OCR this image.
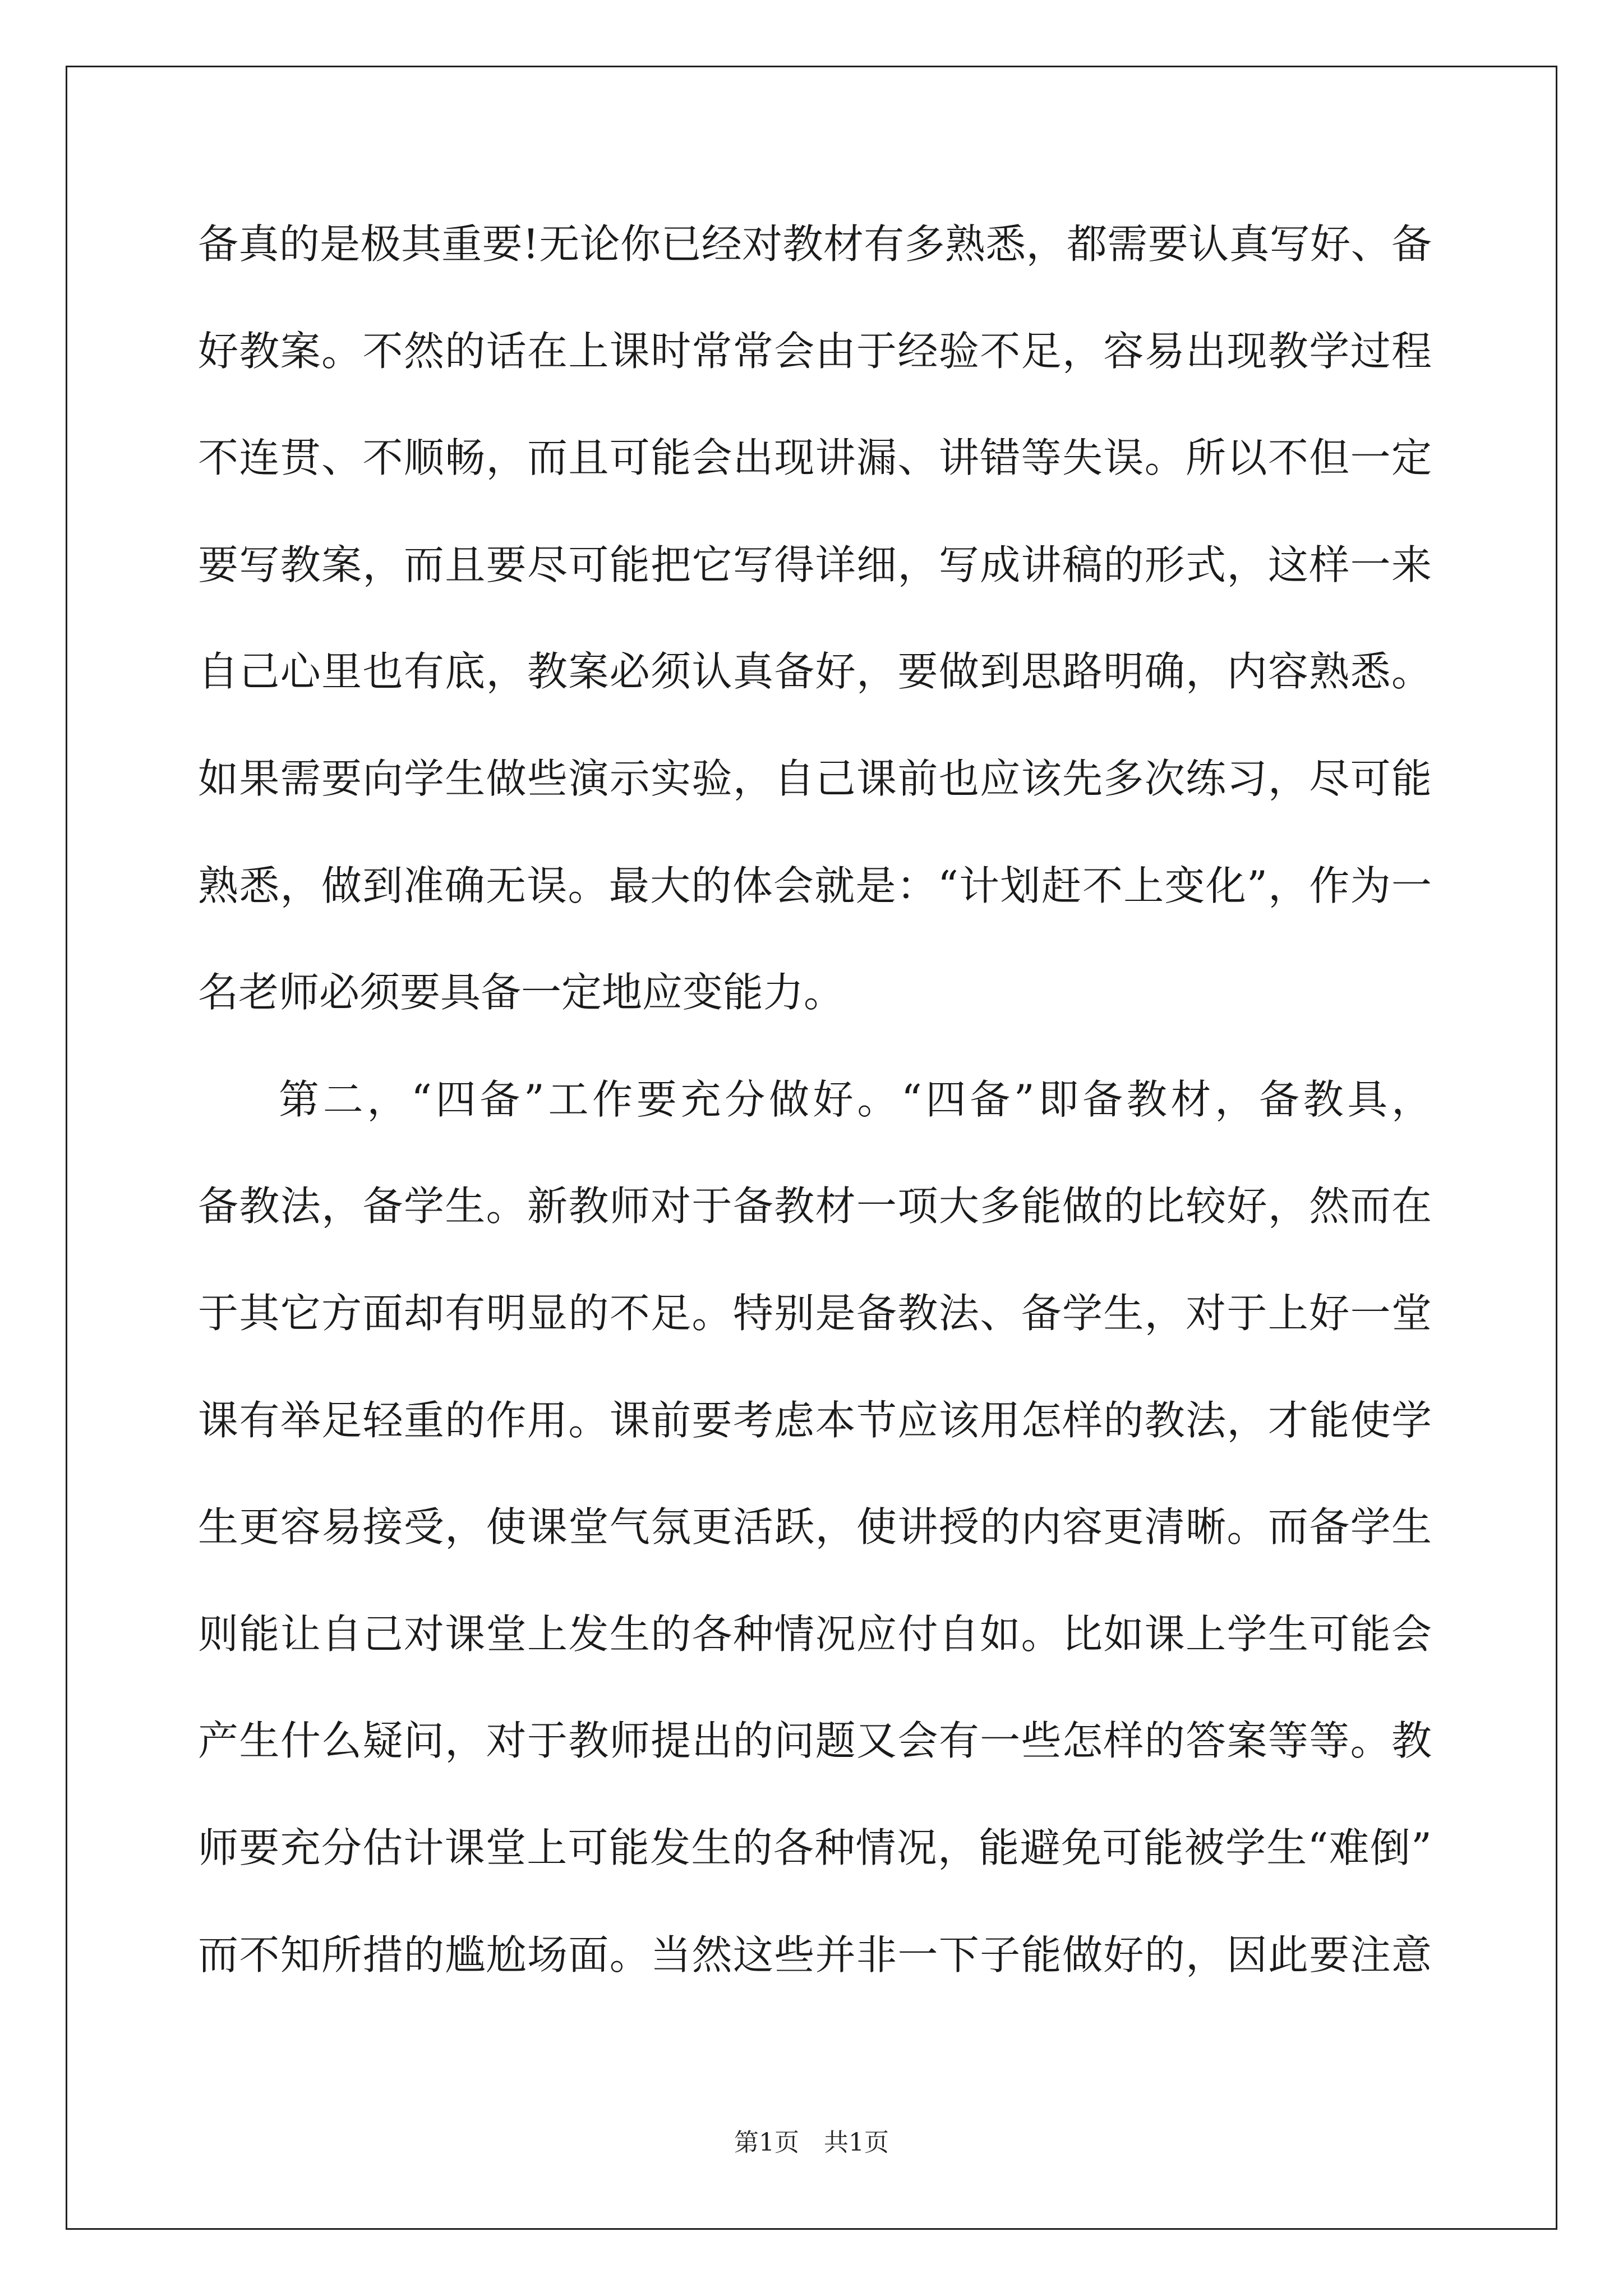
备真的是极其重要!无论你已经对教材有多熟悉，都需要认真写好、备
好教案。不然的话在上课时常常会由于经验不足，容易出现教学过程
不连贯、不顺畅，而且可能会出现讲漏、讲错等失误。所以不但一定
要写教案，而且要尽可能把它写得详细，写成讲稿的形式，这样一来
自己心里也有底，教案必须认真备好，要做到思路明确，内容熟悉。
如果需要向学生做些演示实验，自己课前也应该先多次练习，尽可能
熟悉，做到准确无误。最大的体会就是：“计划赶不上变化”，作为一
名老师必须要具备一定地应变能力。
第二，“四备”工作要充分做好。“四备”即备教材，备教具，
备教法，备学生。新教师对于备教材一项大多能做的比较好，然而在
于其它方面却有明显的不足。特别是备教法、备学生，对于上好一堂
课有举足轻重的作用。课前要考虑本节应该用怎样的教法，才能使学
生更容易接受，使课堂气氛更活跃，使讲授的内容更清晰。而备学生
则能让自己对课堂上发生的各种情况应付自如。比如课上学生可能会
产生什么疑问，对于教师提出的问题又会有一些怎样的答案等等。教
师要充分估计课堂上可能发生的各种情况，能避免可能被学生“难倒”
而不知所措的尴尬场面。当然这些并非一下子能做好的，因此要注意
第1页　共1页
